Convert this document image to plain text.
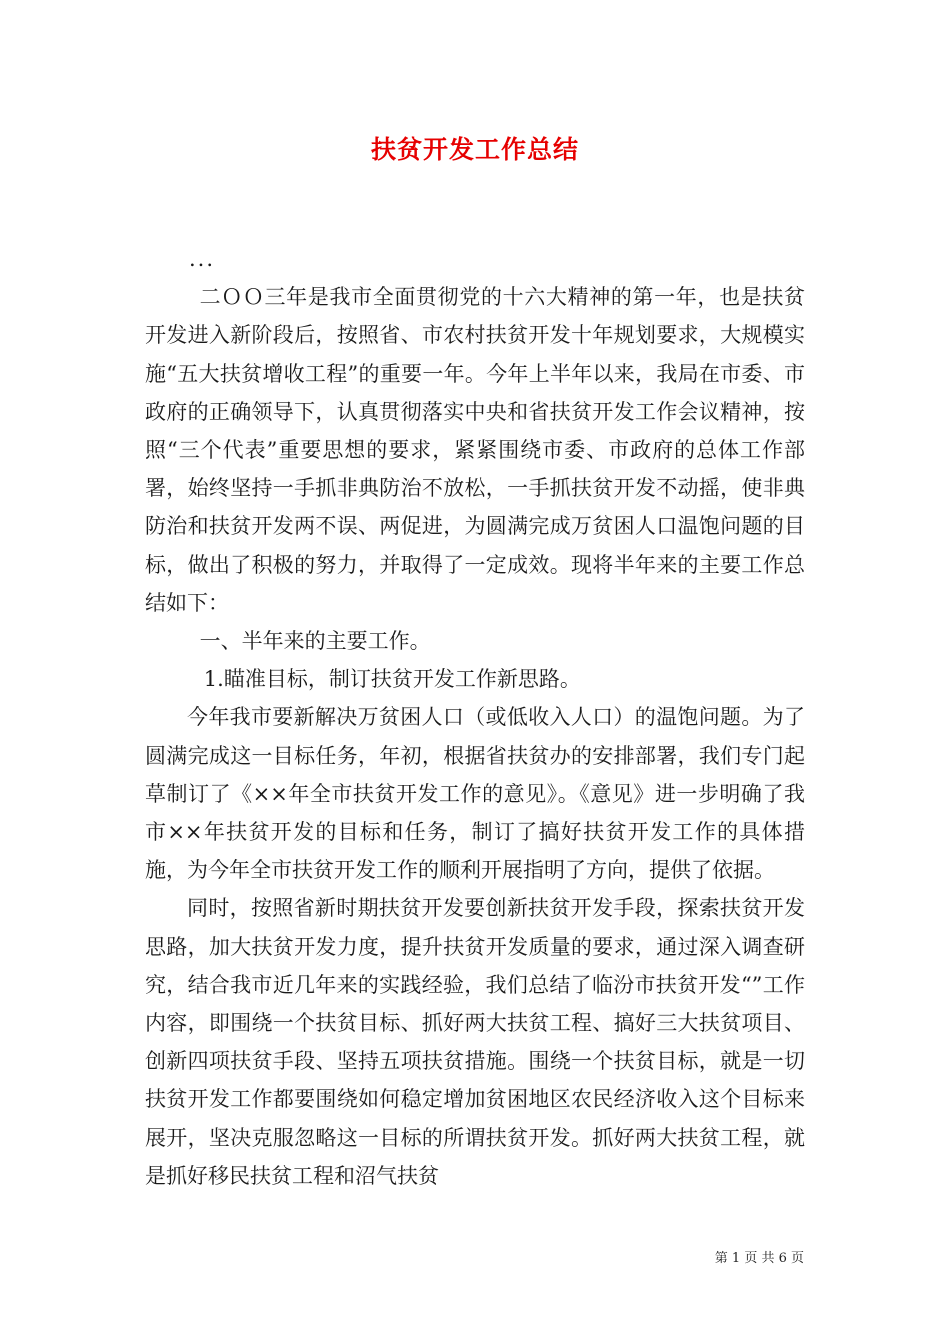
扶贫开发工作总结
...

二ＯＯ三年是我市全面贯彻党的十六大精神的第一年，也是扶贫开发进入新阶段后，按照省、市农村扶贫开发十年规划要求，大规模实施“五大扶贫增收工程”的重要一年。今年上半年以来，我局在市委、市政府的正确领导下，认真贯彻落实中央和省扶贫开发工作会议精神，按照“三个代表”重要思想的要求，紧紧围绕市委、市政府的总体工作部署，始终坚持一手抓非典防治不放松，一手抓扶贫开发不动摇，使非典防治和扶贫开发两不误、两促进，为圆满完成万贫困人口温饱问题的目标，做出了积极的努力，并取得了一定成效。现将半年来的主要工作总结如下：

一、半年来的主要工作。

1.瞄准目标，制订扶贫开发工作新思路。

今年我市要新解决万贫困人口（或低收入人口）的温饱问题。为了圆满完成这一目标任务，年初，根据省扶贫办的安排部署，我们专门起草制订了《××年全市扶贫开发工作的意见》。《意见》进一步明确了我市××年扶贫开发的目标和任务，制订了搞好扶贫开发工作的具体措施，为今年全市扶贫开发工作的顺利开展指明了方向，提供了依据。

同时，按照省新时期扶贫开发要创新扶贫开发手段，探索扶贫开发思路，加大扶贫开发力度，提升扶贫开发质量的要求，通过深入调查研究，结合我市近几年来的实践经验，我们总结了临汾市扶贫开发“”工作内容，即围绕一个扶贫目标、抓好两大扶贫工程、搞好三大扶贫项目、创新四项扶贫手段、坚持五项扶贫措施。围绕一个扶贫目标，就是一切扶贫开发工作都要围绕如何稳定增加贫困地区农民经济收入这个目标来展开，坚决克服忽略这一目标的所谓扶贫开发。抓好两大扶贫工程，就是抓好移民扶贫工程和沼气扶贫

第 1 页 共 6 页
